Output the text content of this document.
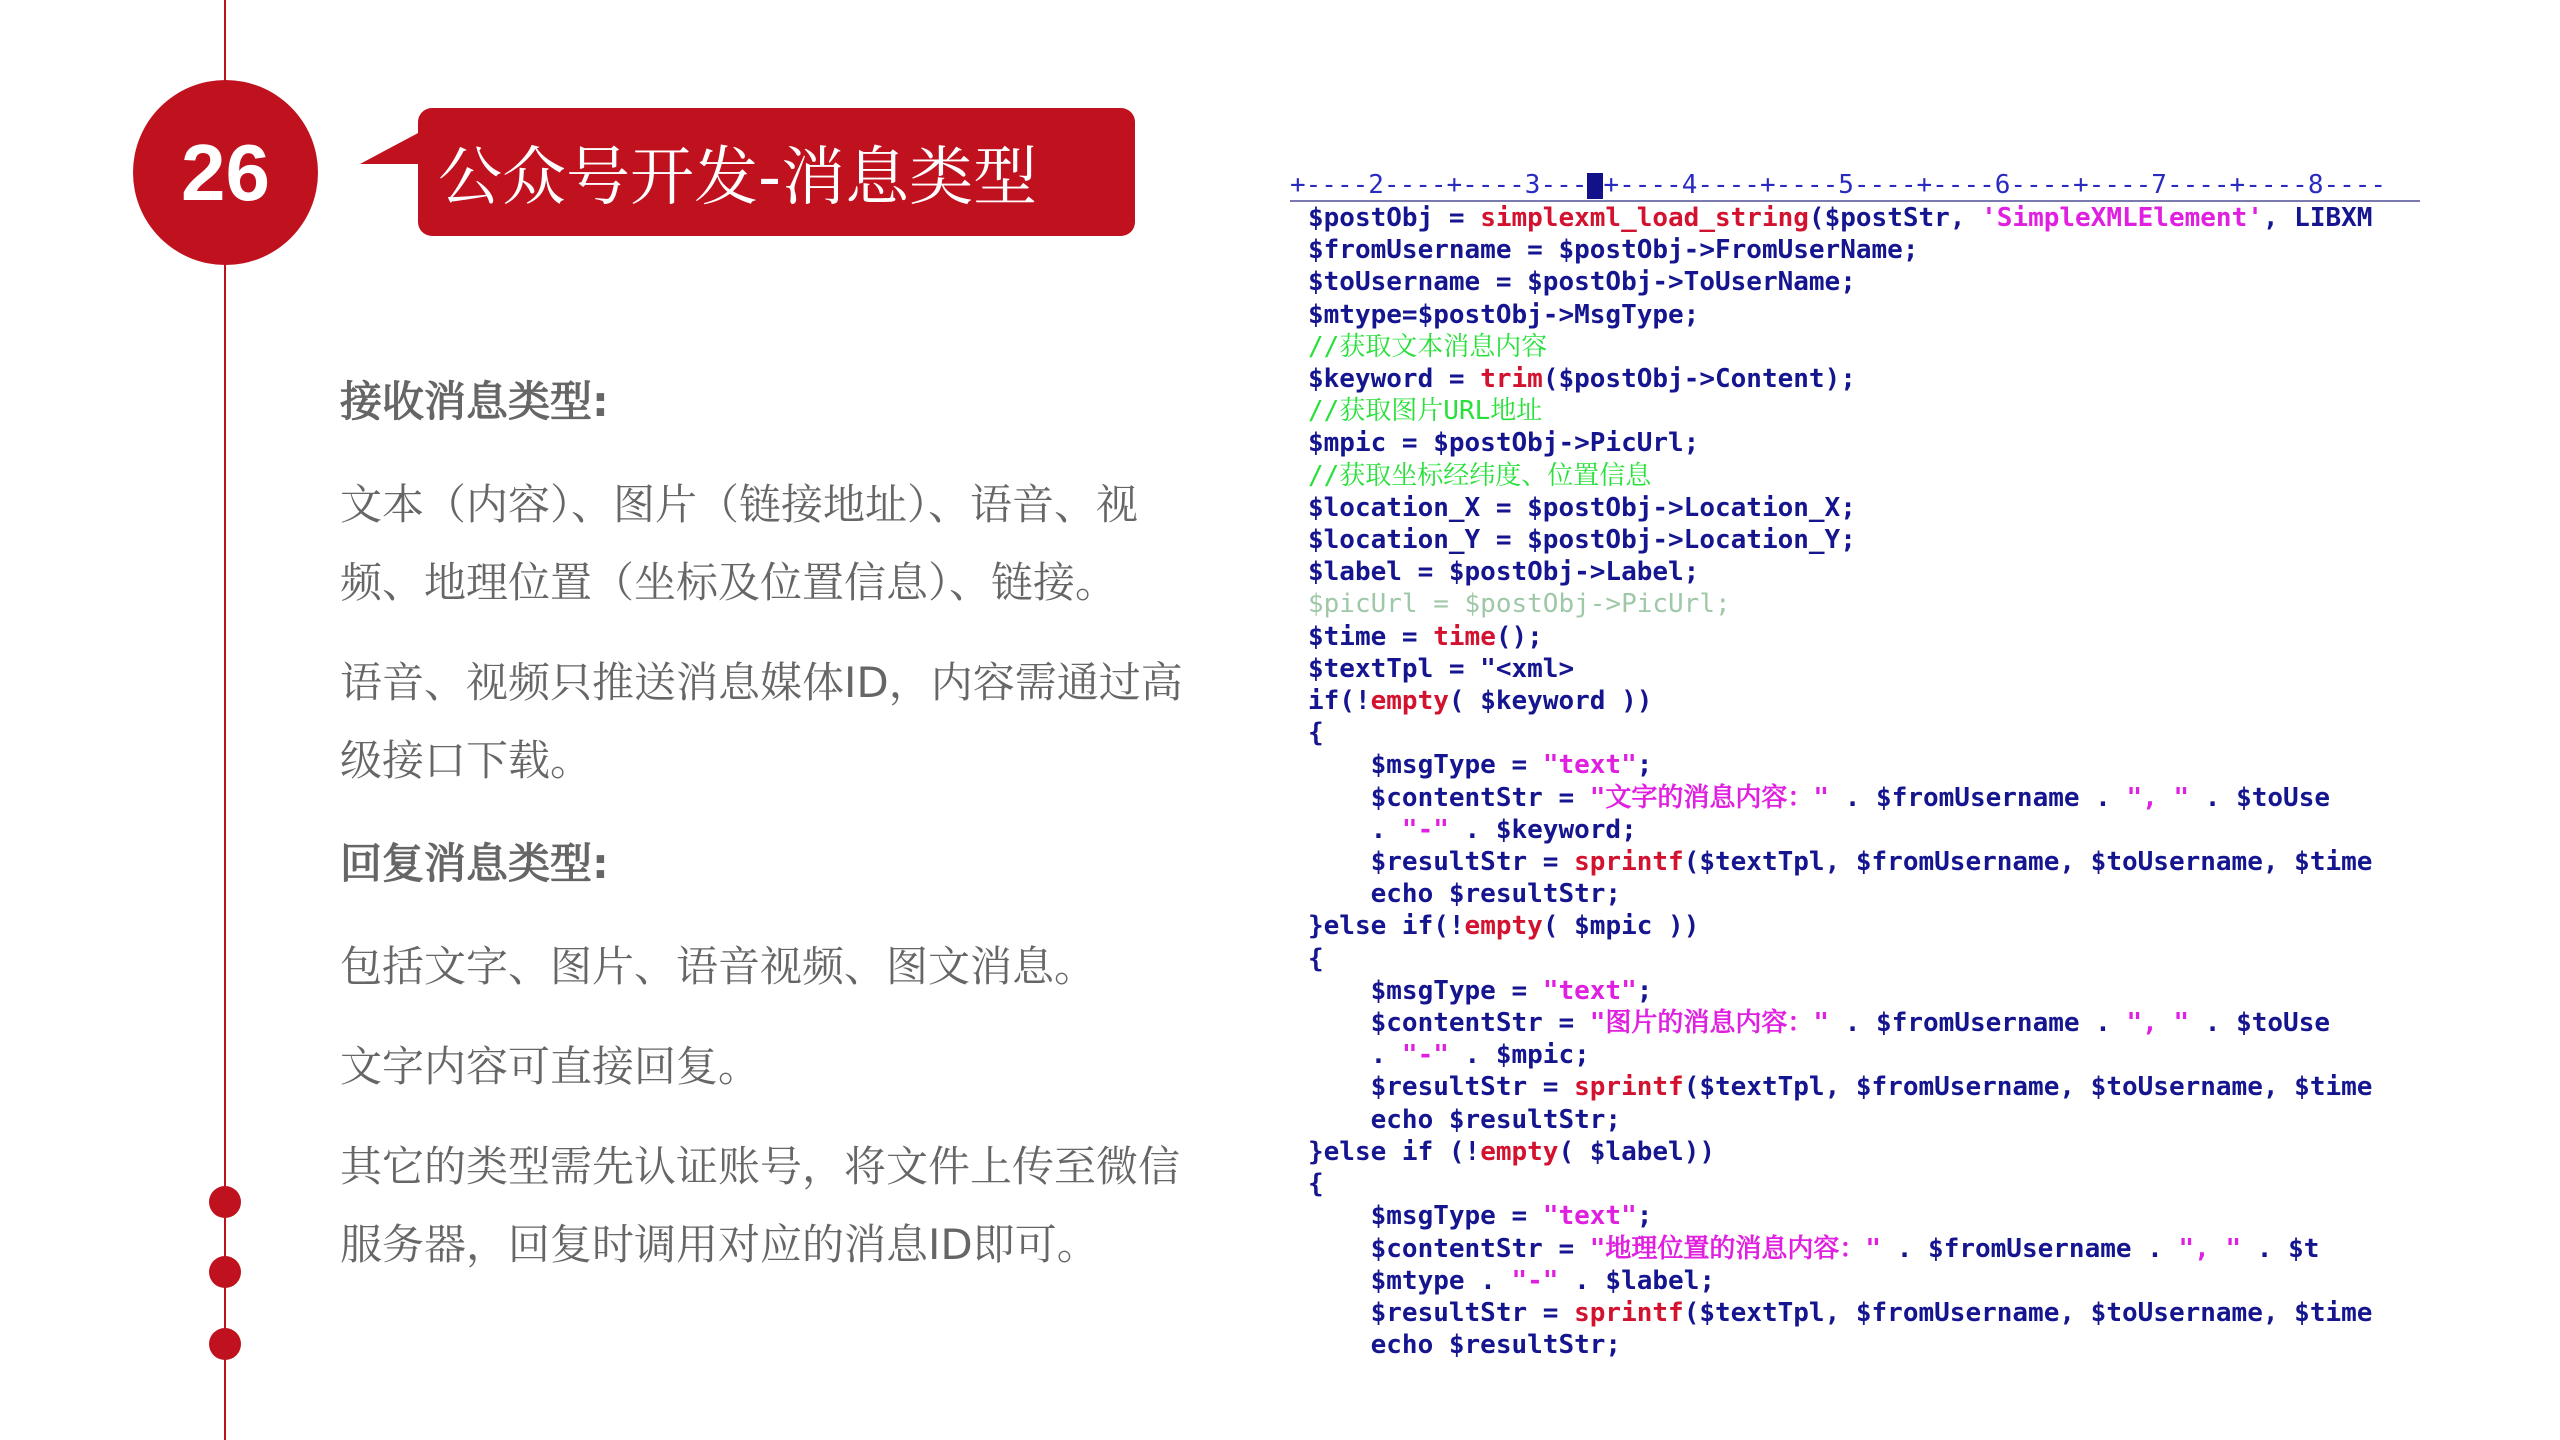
26	公众号开发-消息类型

接收消息类型:

文本（内容）、图片（链接地址）、语音、视频、地理位置（坐标及位置信息）、链接。

语音、视频只推送消息媒体ID，内容需通过高级接口下载。

回复消息类型:

包括文字、图片、语音视频、图文消息。

文字内容可直接回复。

其它的类型需先认证账号，将文件上传至微信服务器，回复时调用对应的消息ID即可。

+----2----+----3--- +----4----+----5----+----6----+----7----+----8----
$postObj = simplexml_load_string($postStr, 'SimpleXMLElement', LIBXM
$fromUsername = $postObj->FromUserName;
$toUsername = $postObj->ToUserName;
$mtype=$postObj->MsgType;
//获取文本消息内容
$keyword = trim($postObj->Content);
//获取图片URL地址
$mpic = $postObj->PicUrl;
//获取坐标经纬度、位置信息
$location_X = $postObj->Location_X;
$location_Y = $postObj->Location_Y;
$label = $postObj->Label;
$picUrl = $postObj->PicUrl;
$time = time();
$textTpl = "<xml>
if(!empty( $keyword ))
{
$msgType = "text";
$contentStr = "文字的消息内容：" . $fromUsername . ", " . $toUse
. "-" . $keyword;
$resultStr = sprintf($textTpl, $fromUsername, $toUsername, $time
echo $resultStr;
}else if(!empty( $mpic ))
{
$msgType = "text";
$contentStr = "图片的消息内容：" . $fromUsername . ", " . $toUse
. "-" . $mpic;
$resultStr = sprintf($textTpl, $fromUsername, $toUsername, $time
echo $resultStr;
}else if (!empty( $label))
{
$msgType = "text";
$contentStr = "地理位置的消息内容：" . $fromUsername . ", " . $t
$mtype . "-" . $label;
$resultStr = sprintf($textTpl, $fromUsername, $toUsername, $time
echo $resultStr;
